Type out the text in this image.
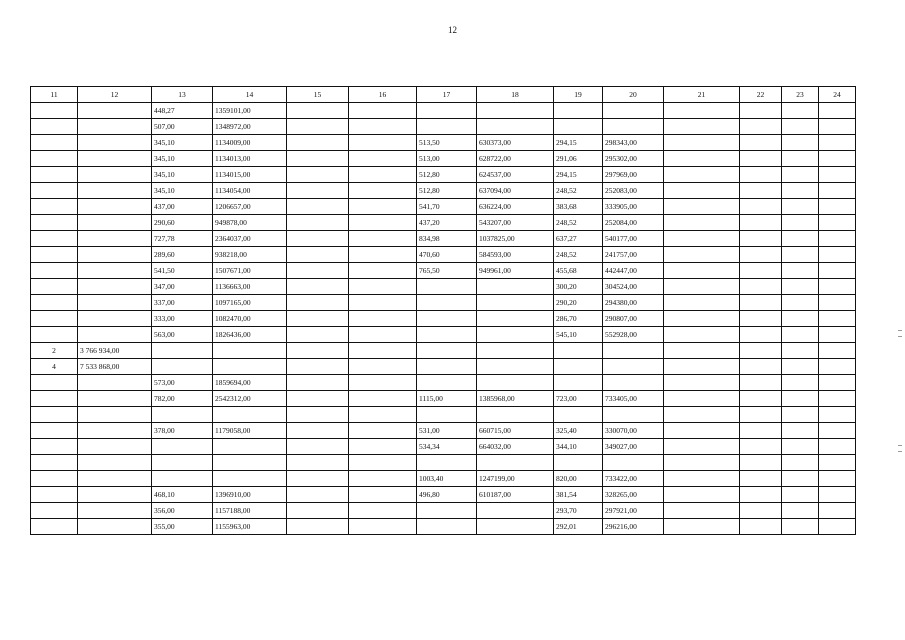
12
11	12	13	14	15	16	17	18	19	20	21	22	23	24
		448,27	1359101,00										
		507,00	1348972,00										
		345,10	1134009,00			513,50	630373,00	294,15	298343,00				
		345,10	1134013,00			513,00	628722,00	291,06	295302,00				
		345,10	1134015,00			512,80	624537,00	294,15	297969,00				
		345,10	1134054,00			512,80	637094,00	248,52	252083,00				
		437,00	1206657,00			541,70	636224,00	383,68	333905,00				
		290,60	949878,00			437,20	543207,00	248,52	252084,00				
		727,78	2364037,00			834,98	1037825,00	637,27	540177,00				
		289,60	938218,00			470,60	584593,00	248,52	241757,00				
		541,50	1507671,00			765,50	949961,00	455,68	442447,00				
		347,00	1136663,00					300,20	304524,00				
		337,00	1097165,00					290,20	294380,00				
		333,00	1082470,00					286,70	290807,00				
		563,00	1826436,00					545,10	552928,00				
2	3 766 934,00												
4	7 533 868,00												
		573,00	1859694,00										
		782,00	2542312,00			1115,00	1385968,00	723,00	733405,00				

		378,00	1179058,00			531,00	660715,00	325,40	330070,00				
						534,34	664032,00	344,10	349027,00				

						1003,40	1247199,00	820,00	733422,00				
		468,10	1396910,00			496,80	610187,00	381,54	328265,00				
		356,00	1157188,00					293,70	297921,00				
		355,00	1155963,00					292,01	296216,00				
